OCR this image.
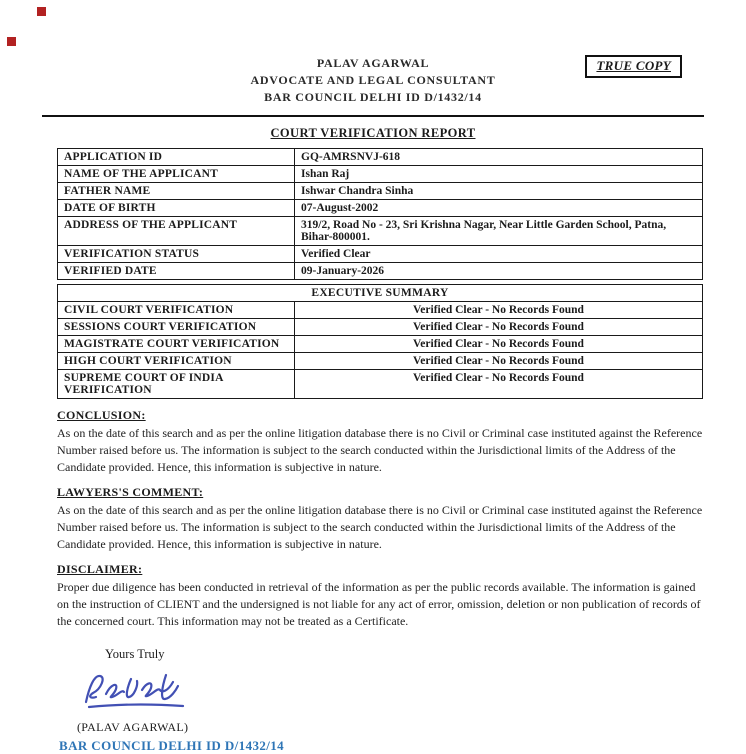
PALAV AGARWAL
ADVOCATE AND LEGAL CONSULTANT
BAR COUNCIL DELHI ID D/1432/14
TRUE COPY
COURT VERIFICATION REPORT
APPLICATION ID	GQ-AMRSNVJ-618
NAME OF THE APPLICANT	Ishan Raj
FATHER NAME	Ishwar Chandra Sinha
DATE OF BIRTH	07-August-2002
ADDRESS OF THE APPLICANT	319/2, Road No - 23, Sri Krishna Nagar, Near Little Garden School, Patna, Bihar-800001.
VERIFICATION STATUS	Verified Clear
VERIFIED DATE	09-January-2026
EXECUTIVE SUMMARY	
CIVIL COURT VERIFICATION	Verified Clear - No Records Found
SESSIONS COURT VERIFICATION	Verified Clear - No Records Found
MAGISTRATE COURT VERIFICATION	Verified Clear - No Records Found
HIGH COURT VERIFICATION	Verified Clear - No Records Found
SUPREME COURT OF INDIA VERIFICATION	Verified Clear - No Records Found
CONCLUSION:
As on the date of this search and as per the online litigation database there is no Civil or Criminal case instituted against the Reference Number raised before us. The information is subject to the search conducted within the Jurisdictional limits of the Address of the Candidate provided. Hence, this information is subjective in nature.
LAWYERS'S COMMENT:
As on the date of this search and as per the online litigation database there is no Civil or Criminal case instituted against the Reference Number raised before us. The information is subject to the search conducted within the Jurisdictional limits of the Address of the Candidate provided. Hence, this information is subjective in nature.
DISCLAIMER:
Proper due diligence has been conducted in retrieval of the information as per the public records available. The information is gained on the instruction of CLIENT and the undersigned is not liable for any act of error, omission, deletion or non publication of records of the concerned court. This information may not be treated as a Certificate.
Yours Truly
(PALAV AGARWAL)
BAR COUNCIL DELHI ID D/1432/14
